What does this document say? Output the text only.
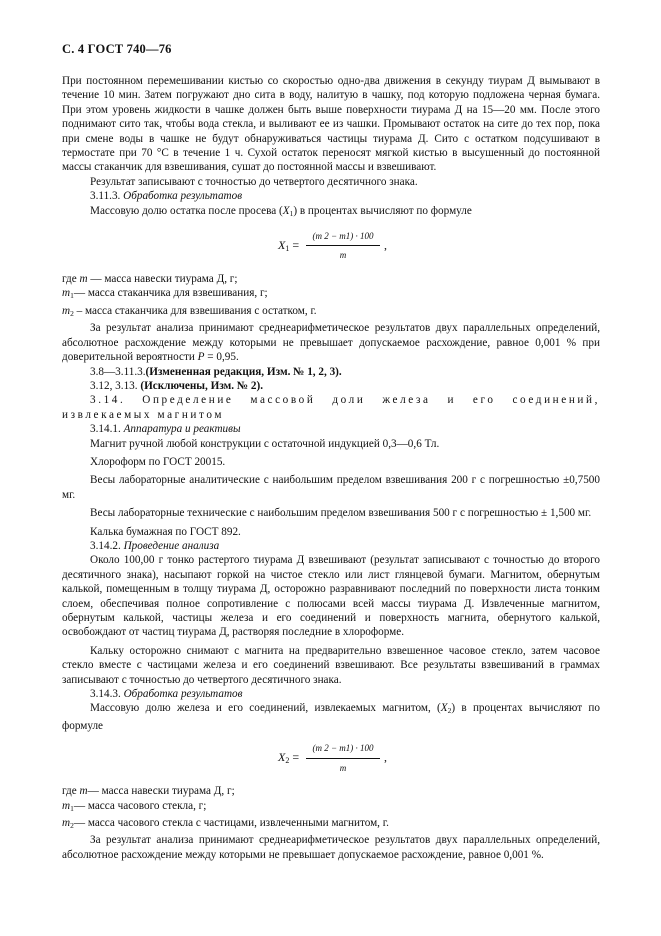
С. 4 ГОСТ 740—76

При постоянном перемешивании кистью со скоростью одно-два движения в секунду тиурам Д вымывают в течение 10 мин. Затем погружают дно сита в воду, налитую в чашку, под которую подложена черная бумага. При этом уровень жидкости в чашке должен быть выше поверхности тиурама Д на 15—20 мм. После этого поднимают сито так, чтобы вода стекла, и выливают ее из чашки. Промывают остаток на сите до тех пор, пока при смене воды в чашке не будут обнаруживаться частицы тиурама Д. Сито с остатком подсушивают в термостате при 70 °С в течение 1 ч. Сухой остаток переносят мягкой кистью в высушенный до постоянной массы стаканчик для взвешивания, сушат до постоянной массы и взвешивают.

Результат записывают с точностью до четвертого десятичного знака.

3.11.3. Обработка результатов

Массовую долю остатка после просева $(X_1)$ в процентах вычисляют по формуле

$X_1 = \frac{(m 2 - m1) \cdot 100}{m}$ ,

где m — масса навески тиурама Д, г;

$m_1—$ масса стаканчика для взвешивания, г;

$m_2$ – масса стаканчика для взвешивания с остатком, г.

За результат анализа принимают среднеарифметическое результатов двух параллельных определений, абсолютное расхождение между которыми не превышает допускаемое расхождение, равное 0,001 % при доверительной вероятности P = 0,95.

3.8—3.11.3.(Измененная редакция, Изм. № 1, 2, 3).

3.12, 3.13. (Исключены, Изм. № 2).

3.14. Определение массовой доли железа и его соединений, извлекаемых магнитом

3.14.1. Аппаратура и реактивы

Магнит ручной любой конструкции с остаточной индукцией 0,3—0,6 Тл.

Хлороформ по ГОСТ 20015.

Весы лабораторные аналитические с наибольшим пределом взвешивания 200 г с погрешностью ±0,7500 мг.

Весы лабораторные технические с наибольшим пределом взвешивания 500 г с погрешностью ± 1,500 мг.

Калька бумажная по ГОСТ 892.

3.14.2. Проведение анализа

Около 100,00 г тонко растертого тиурама Д взвешивают (результат записывают с точностью до второго десятичного знака), насыпают горкой на чистое стекло или лист глянцевой бумаги. Магнитом, обернутым калькой, помещенным в толщу тиурама Д, осторожно разравнивают последний по поверхности листа тонким слоем, обеспечивая полное сопротивление с полюсами всей массы тиурама Д. Извлеченные магнитом, обернутым калькой, частицы железа и его соединений и поверхность магнита, обернутого калькой, освобождают от частиц тиурама Д, растворяя последние в хлороформе.

Кальку осторожно снимают с магнита на предварительно взвешенное часовое стекло, затем часовое стекло вместе с частицами железа и его соединений взвешивают. Все результаты взвешиваний в граммах записывают с точностью до четвертого десятичного знака.

3.14.3. Обработка результатов

Массовую долю железа и его соединений, извлекаемых магнитом, $(X_2)$ в процентах вычисляют по формуле

$X_2 = \frac{(m 2 - m1) \cdot 100}{m}$ ,

где m— масса навески тиурама Д, г;

$m_1—$ масса часового стекла, г;

$m_2—$ масса часового стекла с частицами, извлеченными магнитом, г.

За результат анализа принимают среднеарифметическое результатов двух параллельных определений, абсолютное расхождение между которыми не превышает допускаемое расхождение, равное 0,001 %.
